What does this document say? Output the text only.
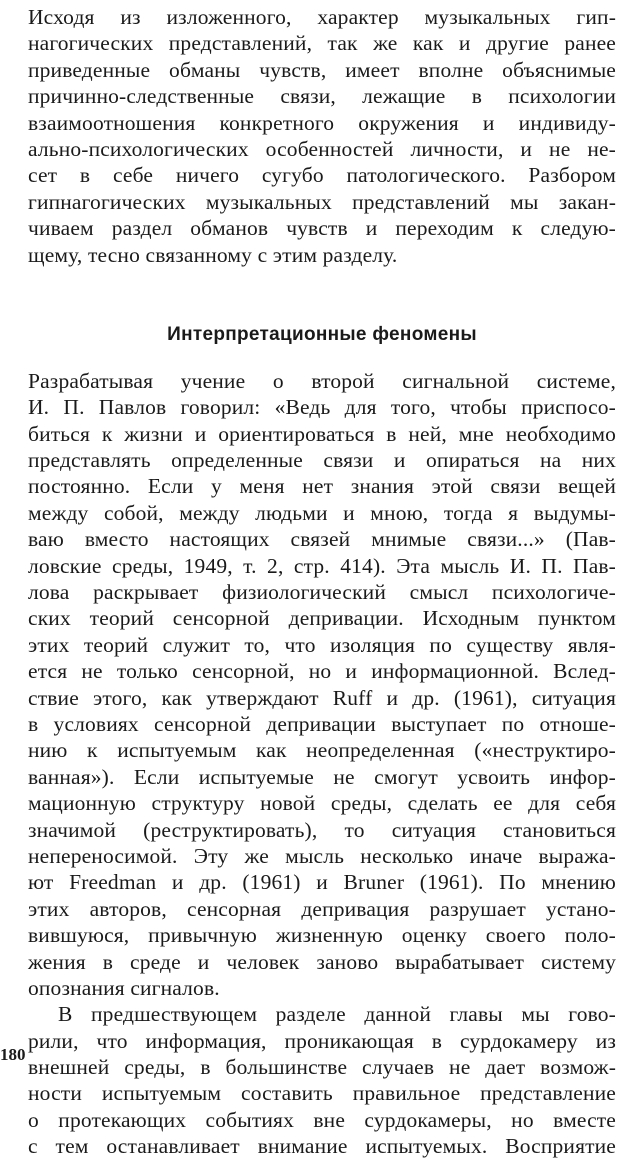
Исходя из изложенного, характер музыкальных гип-
нагогических представлений, так же как и другие ранее
приведенные обманы чувств, имеет вполне объяснимые
причинно-следственные связи, лежащие в психологии
взаимоотношения конкретного окружения и индивиду-
ально-психологических особенностей личности, и не не-
сет в себе ничего сугубо патологического. Разбором
гипнагогических музыкальных представлений мы закан-
чиваем раздел обманов чувств и переходим к следую-
щему, тесно связанному с этим разделу.
Интерпретационные феномены
Разрабатывая учение о второй сигнальной системе,
И. П. Павлов говорил: «Ведь для того, чтобы приспосо-
биться к жизни и ориентироваться в ней, мне необходимо
представлять определенные связи и опираться на них
постоянно. Если у меня нет знания этой связи вещей
между собой, между людьми и мною, тогда я выдумы-
ваю вместо настоящих связей мнимые связи...» (Пав-
ловские среды, 1949, т. 2, стр. 414). Эта мысль И. П. Пав-
лова раскрывает физиологический смысл психологиче-
ских теорий сенсорной депривации. Исходным пунктом
этих теорий служит то, что изоляция по существу явля-
ется не только сенсорной, но и информационной. Вслед-
ствие этого, как утверждают Ruff и др. (1961), ситуация
в условиях сенсорной депривации выступает по отноше-
нию к испытуемым как неопределенная («неструктиро-
ванная»). Если испытуемые не смогут усвоить инфор-
мационную структуру новой среды, сделать ее для себя
значимой (реструктировать), то ситуация становиться
непереносимой. Эту же мысль несколько иначе выража-
ют Freedman и др. (1961) и Bruner (1961). По мнению
этих авторов, сенсорная депривация разрушает устано-
вившуюся, привычную жизненную оценку своего поло-
жения в среде и человек заново вырабатывает систему
опознания сигналов.
В предшествующем разделе данной главы мы гово-
рили, что информация, проникающая в сурдокамеру из
внешней среды, в большинстве случаев не дает возмож-
ности испытуемым составить правильное представление
о протекающих событиях вне сурдокамеры, но вместе
с тем останавливает внимание испытуемых. Восприятие
180
